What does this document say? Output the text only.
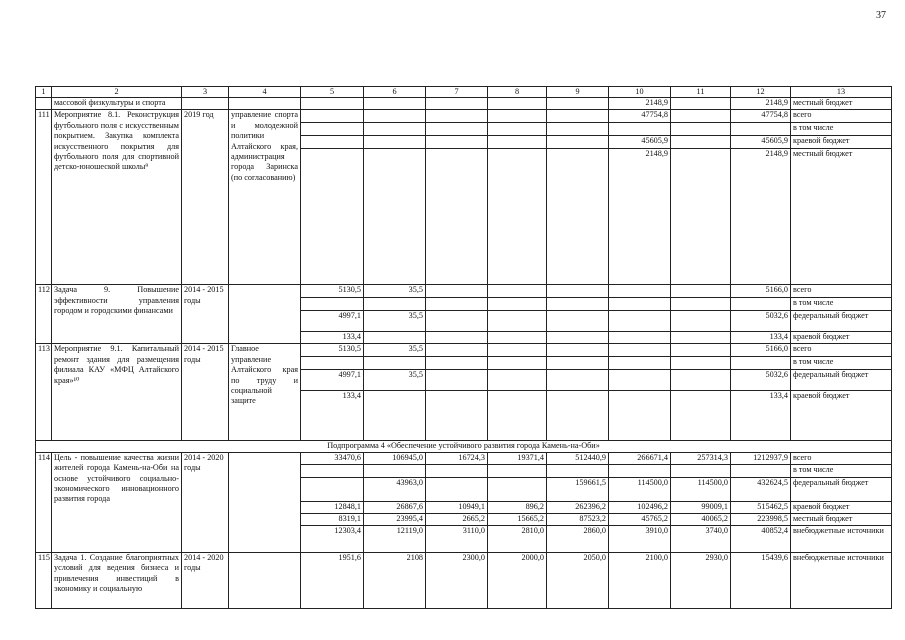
37
1	2	3	4	5	6	7	8	9	10	11	12	13
	массовой физкультуры и спорта								2148,9		2148,9	местный бюджет
111	Мероприятие 8.1. Реконструкция футбольного поля с искусственным покрытием. Закупка комплекта искусственного покрытия для футбольного поля для спортивной детско-юношеской школы⁹	2019 год	управление спорта и молодежной политики Алтайского края, администрация города Заринска (по согласованию)						47754,8		47754,8	всего
												в том числе
									45605,9		45605,9	краевой бюджет
									2148,9		2148,9	местный бюджет
112	Задача 9. Повышение эффективности управления городом и городскими финансами	2014 - 2015 годы		5130,5	35,5						5166,0	всего
												в том числе
				4997,1	35,5						5032,6	федеральный бюджет
				133,4							133,4	краевой бюджет
113	Мероприятие 9.1. Капитальный ремонт здания для размещения филиала КАУ «МФЦ Алтайского края»¹⁰	2014 - 2015 годы	Главное управление Алтайского края по труду и социальной защите	5130,5	35,5						5166,0	всего
												в том числе
				4997,1	35,5						5032,6	федеральный бюджет
				133,4							133,4	краевой бюджет
Подпрограмма 4 «Обеспечение устойчивого развития города Камень-на-Оби»												
114	Цель - повышение качества жизни жителей города Камень-на-Оби на основе устойчивого социально-экономического инновационного развития города	2014 - 2020 годы		33470,6	106945,0	16724,3	19371,4	512440,9	266671,4	257314,3	1212937,9	всего
												в том числе
					43963,0			159661,5	114500,0	114500,0	432624,5	федеральный бюджет
				12848,1	26867,6	10949,1	896,2	262396,2	102496,2	99009,1	515462,5	краевой бюджет
				8319,1	23995,4	2665,2	15665,2	87523,2	45765,2	40065,2	223998,5	местный бюджет
				12303,4	12119,0	3110,0	2810,0	2860,0	3910,0	3740,0	40852,4	внебюджетные источники
115	Задача 1. Создание благоприятных условий для ведения бизнеса и привлечения инвестиций в экономику и социальную	2014 - 2020 годы		1951,6	2108	2300,0	2000,0	2050,0	2100,0	2930,0	15439,6	внебюджетные источники
